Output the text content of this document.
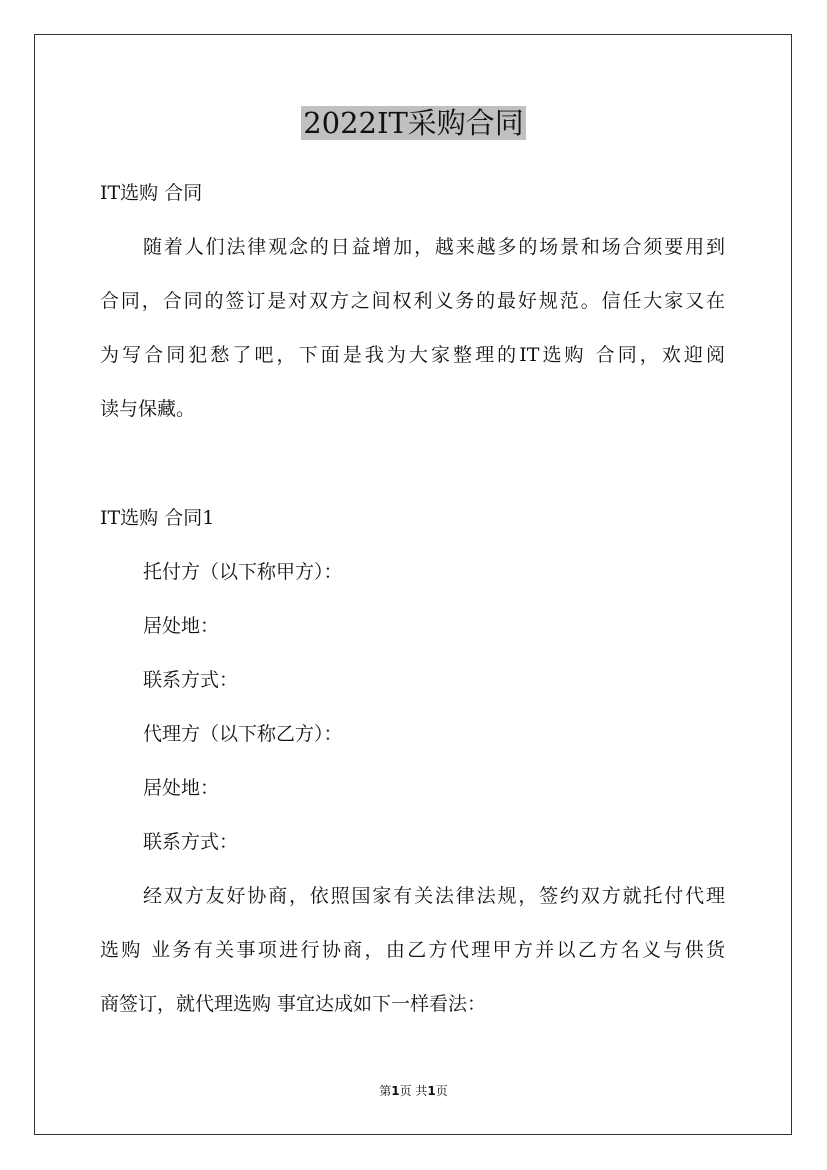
2022IT采购合同

IT选购 合同

随着人们法律观念的日益增加，越来越多的场景和场合须要用到

合同，合同的签订是对双方之间权利义务的最好规范。信任大家又在

为写合同犯愁了吧，下面是我为大家整理的IT选购 合同，欢迎阅

读与保藏。

IT选购 合同1

托付方（以下称甲方）：

居处地：

联系方式：

代理方（以下称乙方）：

居处地：

联系方式：

经双方友好协商，依照国家有关法律法规，签约双方就托付代理

选购 业务有关事项进行协商，由乙方代理甲方并以乙方名义与供货

商签订，就代理选购 事宜达成如下一样看法：

第1页 共1页
